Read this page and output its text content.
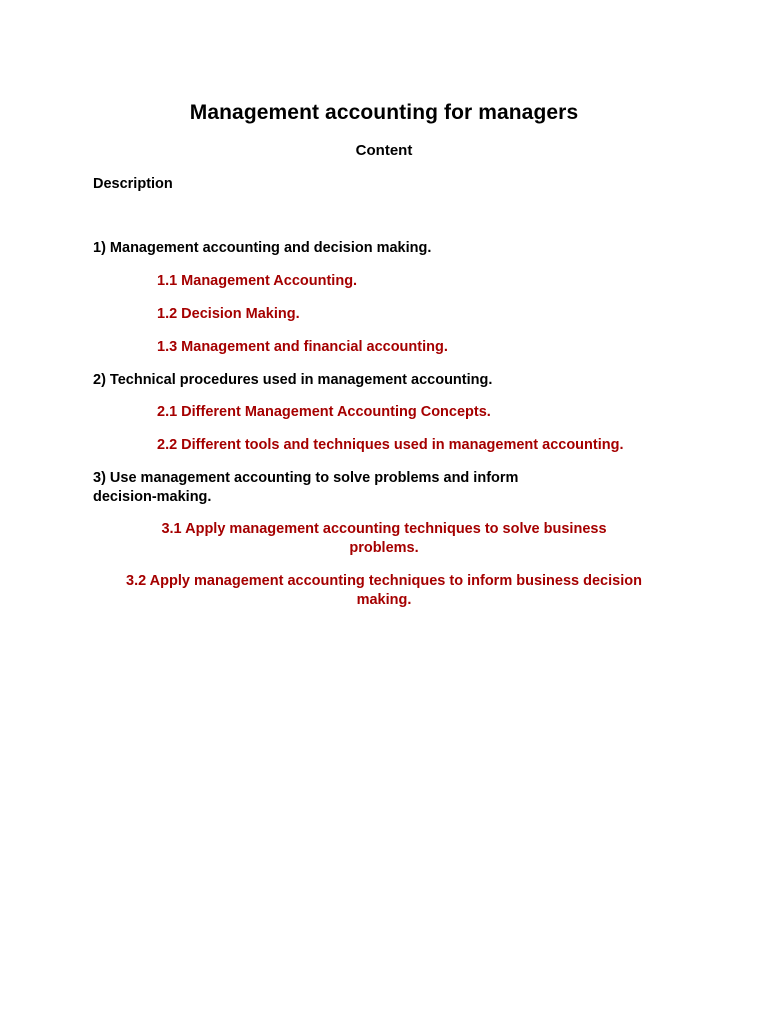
Management accounting for managers
Content

Description

1) Management accounting and decision making.

1.1 Management Accounting.

1.2 Decision Making.

1.3 Management and financial accounting.

2) Technical procedures used in management accounting.

2.1 Different Management Accounting Concepts.

2.2 Different tools and techniques used in management accounting.

3) Use management accounting to solve problems and inform decision-making.

3.1 Apply management accounting techniques to solve business problems.

3.2 Apply management accounting techniques to inform business decision making.
